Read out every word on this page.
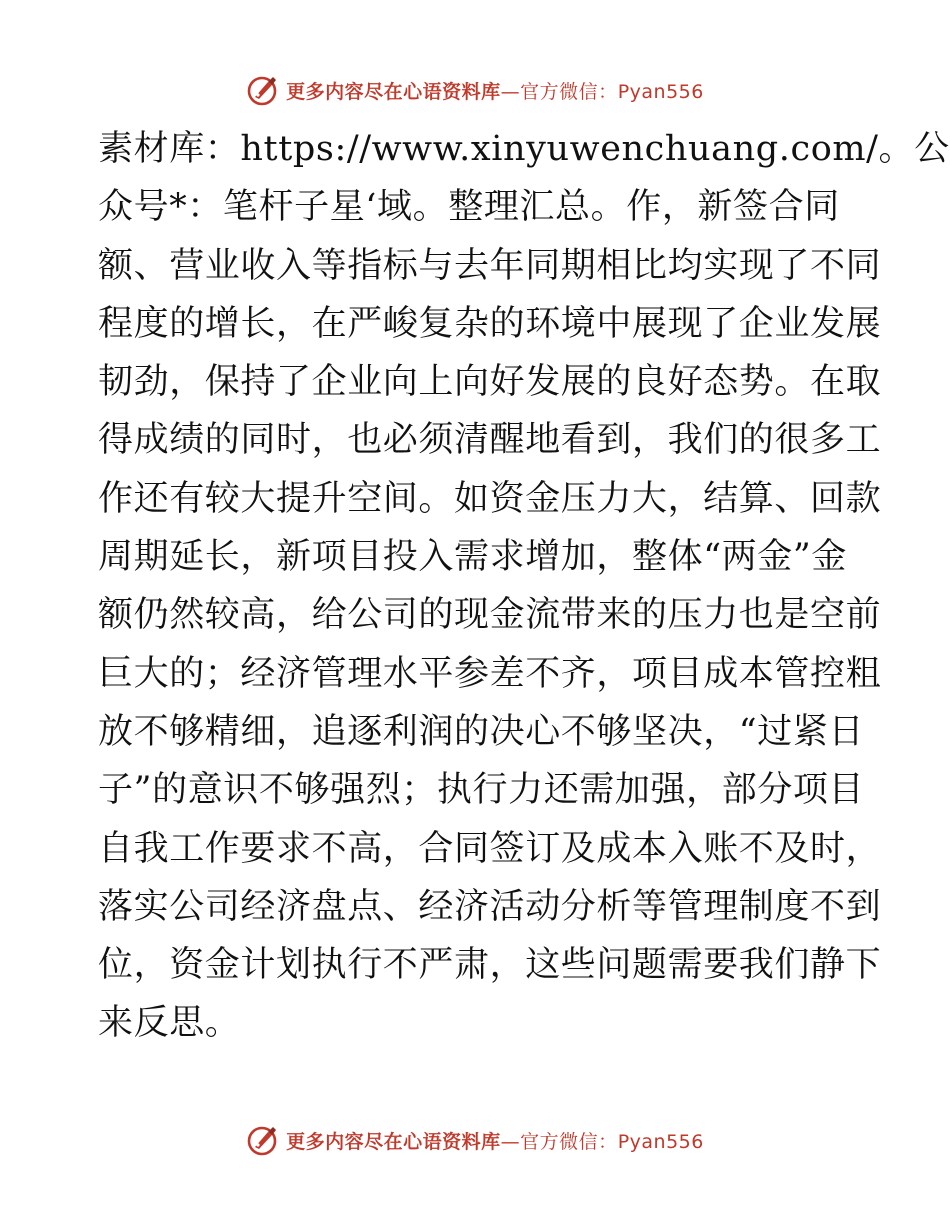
更多内容尽在心语资料库—官方微信：Pyan556
素材库：https://www.xinyuwenchuang.com/。公
众号*：笔杆子星‘域。整理汇总。作，新签合同
额、营业收入等指标与去年同期相比均实现了不同
程度的增长，在严峻复杂的环境中展现了企业发展
韧劲，保持了企业向上向好发展的良好态势。在取
得成绩的同时，也必须清醒地看到，我们的很多工
作还有较大提升空间。如资金压力大，结算、回款
周期延长，新项目投入需求增加，整体“两金”金
额仍然较高，给公司的现金流带来的压力也是空前
巨大的；经济管理水平参差不齐，项目成本管控粗
放不够精细，追逐利润的决心不够坚决，“过紧日
子”的意识不够强烈；执行力还需加强，部分项目
自我工作要求不高，合同签订及成本入账不及时，
落实公司经济盘点、经济活动分析等管理制度不到
位，资金计划执行不严肃，这些问题需要我们静下
来反思。
更多内容尽在心语资料库—官方微信：Pyan556
